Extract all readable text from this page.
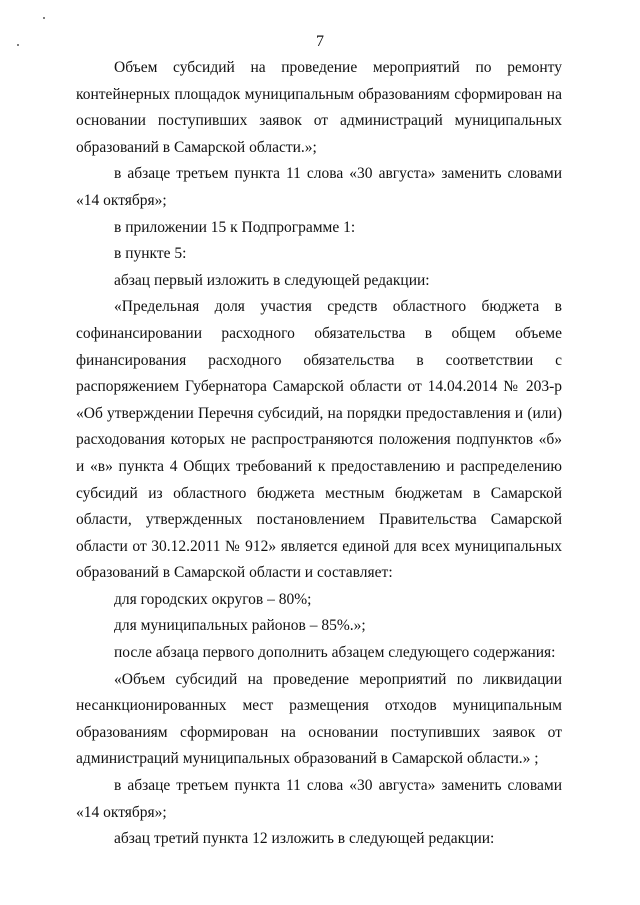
7

Объем субсидий на проведение мероприятий по ремонту контейнерных площадок муниципальным образованиям сформирован на основании поступивших заявок от администраций муниципальных образований в Самарской области.»;

в абзаце третьем пункта 11 слова «30 августа» заменить словами «14 октября»;

в приложении 15 к Подпрограмме 1:

в пункте 5:

абзац первый изложить в следующей редакции:

«Предельная доля участия средств областного бюджета в софинансировании расходного обязательства в общем объеме финансирования расходного обязательства в соответствии с распоряжением Губернатора Самарской области от 14.04.2014 № 203-р «Об утверждении Перечня субсидий, на порядки предоставления и (или) расходования которых не распространяются положения подпунктов «б» и «в» пункта 4 Общих требований к предоставлению и распределению субсидий из областного бюджета местным бюджетам в Самарской области, утвержденных постановлением Правительства Самарской области от 30.12.2011 № 912» является единой для всех муниципальных образований в Самарской области и составляет:

для городских округов – 80%;

для муниципальных районов – 85%.»;

после абзаца первого дополнить абзацем следующего содержания:

«Объем субсидий на проведение мероприятий по ликвидации несанкционированных мест размещения отходов муниципальным образованиям сформирован на основании поступивших заявок от администраций муниципальных образований в Самарской области.» ;

в абзаце третьем пункта 11 слова «30 августа» заменить словами «14 октября»;

абзац третий пункта 12 изложить в следующей редакции:
